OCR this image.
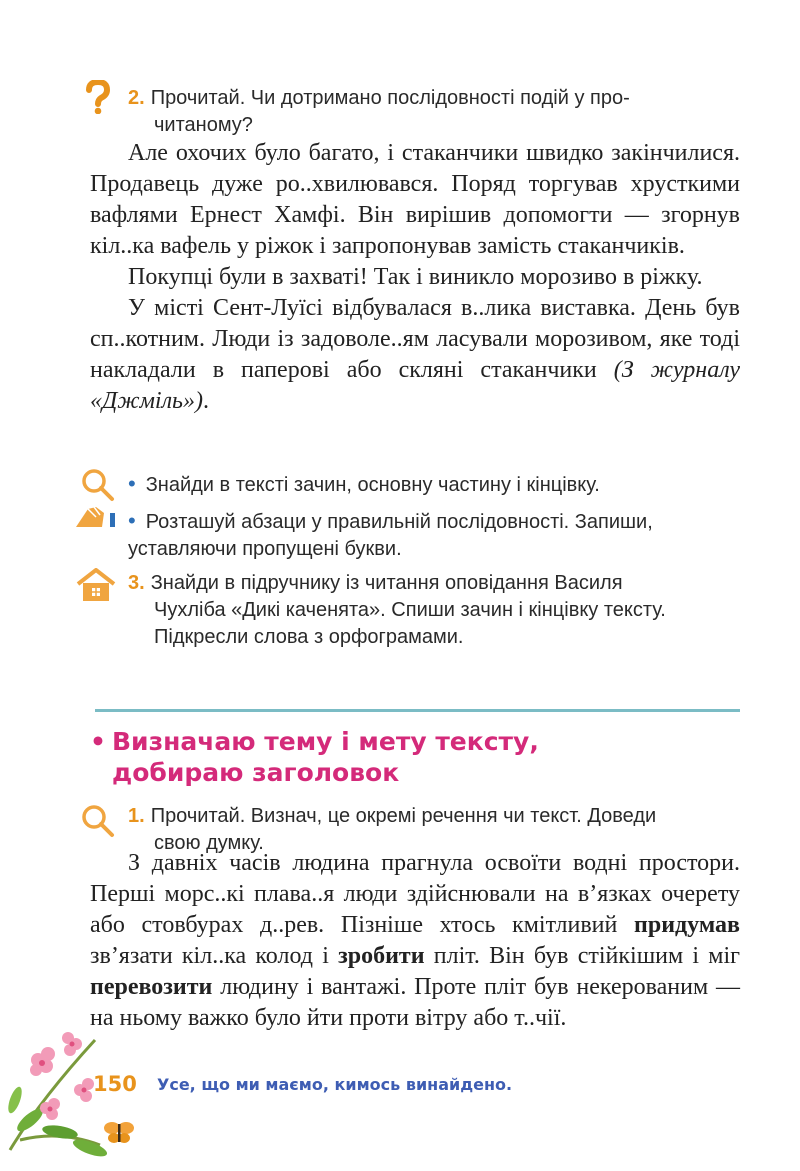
2. Прочитай. Чи дотримано послідовності подій у про-
читаному?
Але охочих було багато, і стаканчики швидко закінчилися. Продавець дуже ро..хвилювався. Поряд торгував хрусткими вафлями Ернест Хамфі. Він вирішив допомогти — згорнув кіл..ка вафель у ріжок і запропонував замість стаканчиків.
Покупці були в захваті! Так і виникло морозиво в ріжку.
У місті Сент-Луїсі відбувалася в..лика виставка. День був сп..котним. Люди із задоволе..ям ласували морозивом, яке тоді накладали в паперові або скляні стаканчики (З журналу «Джміль»).
• Знайди в тексті зачин, основну частину і кінцівку.
• Розташуй абзаци у правильній послідовності. Запиши,
уставляючи пропущені букви.
3. Знайди в підручнику із читання оповідання Василя
Чухліба «Дикі каченята». Спиши зачин і кінцівку тексту.
Підкресли слова з орфограмами.
• Визначаю тему і мету тексту,
добираю заголовок
1. Прочитай. Визнач, це окремі речення чи текст. Доведи
свою думку.
З давніх часів людина прагнула освоїти водні простори. Перші морс..кі плава..я люди здійснювали на в’язках очерету або стовбурах д..рев. Пізніше хтось кмітливий придумав зв’язати кіл..ка колод і зробити пліт. Він був стійкішим і міг перевозити людину і вантажі. Проте пліт був некерованим — на ньому важко було йти проти вітру або т..чії.
150 Усе, що ми маємо, кимось винайдено.
